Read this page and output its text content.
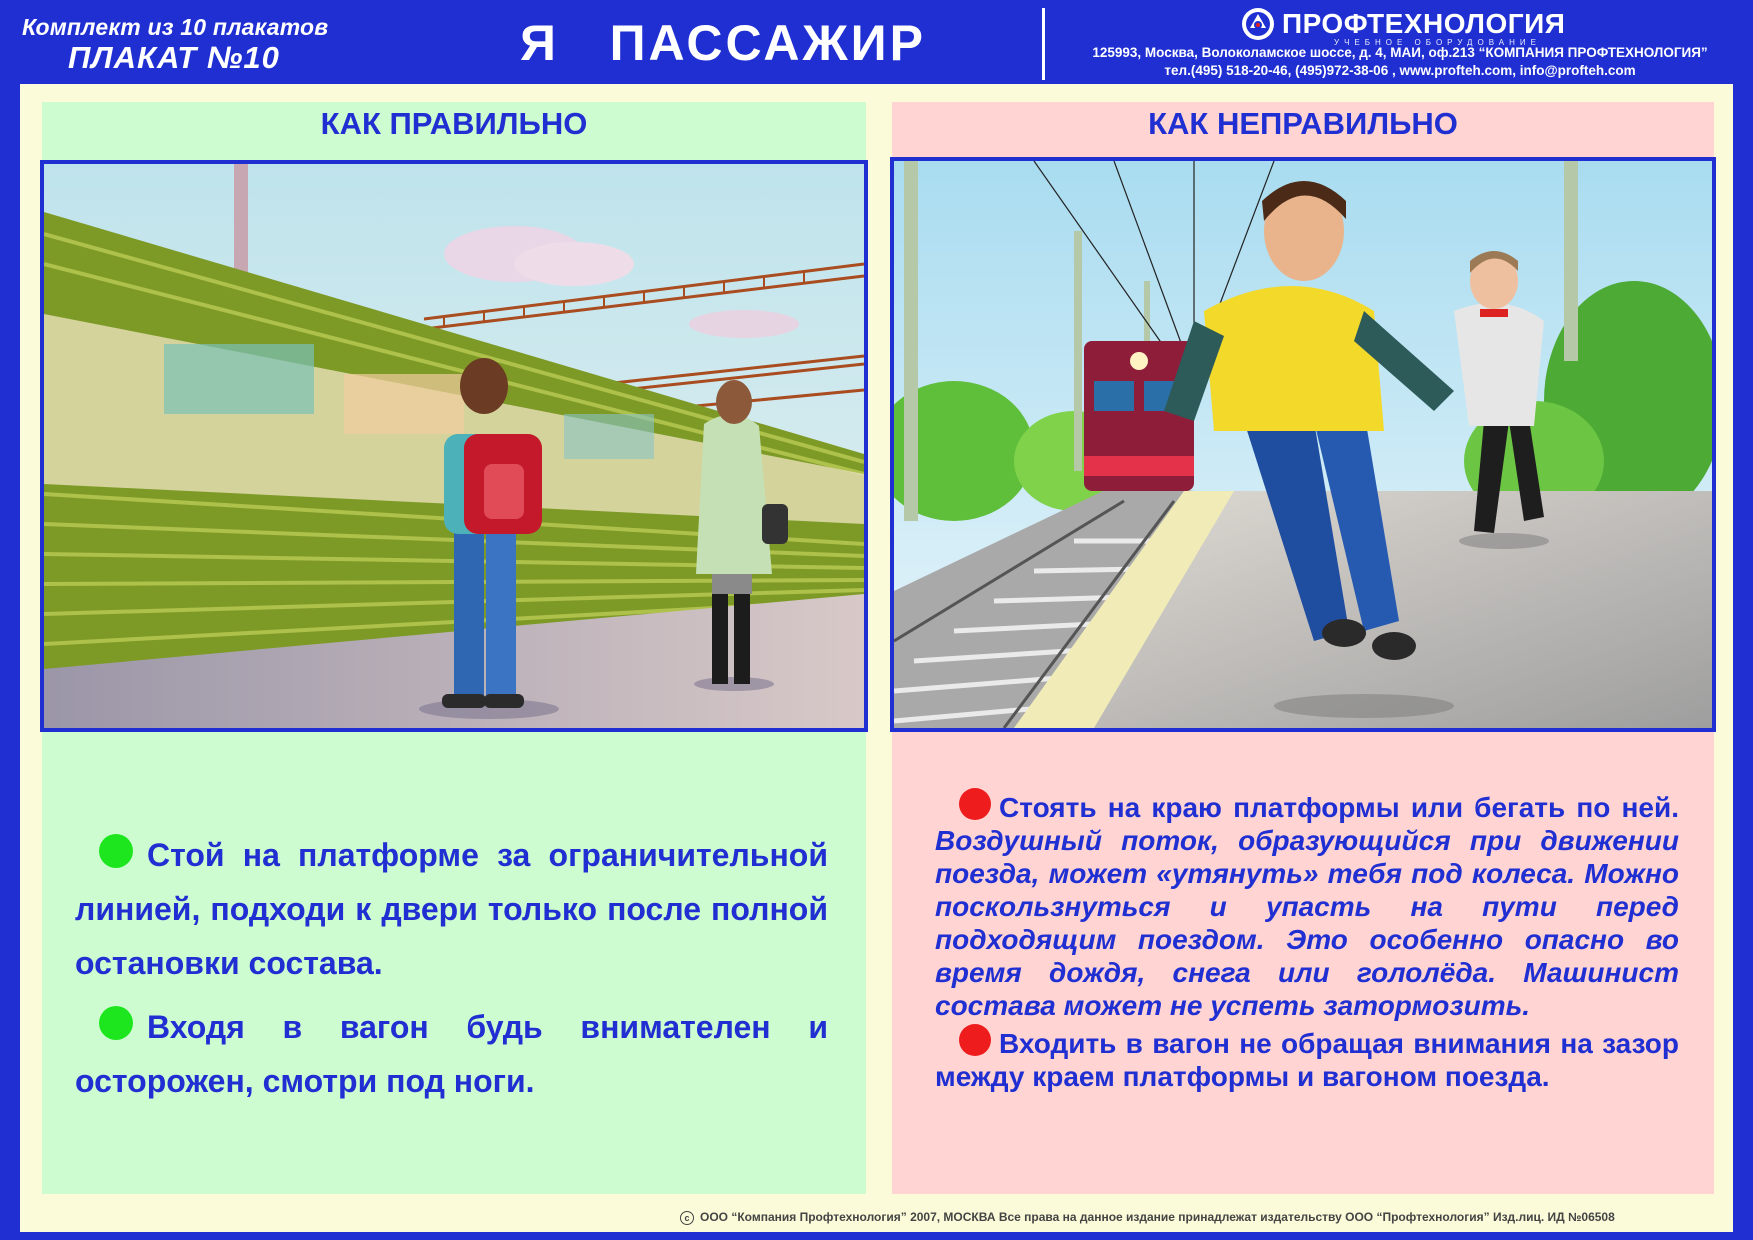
Комплект из 10 плакатов
ПЛАКАТ №10	Я   ПАССАЖИР	ПРОФТЕХНОЛОГИЯ
УЧЕБНОЕ ОБОРУДОВАНИЕ
125993, Москва, Волоколамское шоссе, д. 4, МАИ, оф.213 “КОМПАНИЯ ПРОФТЕХНОЛОГИЯ”
тел.(495) 518-20-46, (495)972-38-06 , www.profteh.com, info@profteh.com
КАК ПРАВИЛЬНО	КАК НЕПРАВИЛЬНО

Стой на платформе за ограничительной линией, подходи к двери только после полной остановки состава.

Входя в вагон будь внимателен и осторожен, смотри под ноги.

Стоять на краю платформы или бегать по ней. Воздушный поток, образующийся при движении поезда, может «утянуть» тебя под колеса. Можно поскользнуться и упасть на пути перед подходящим поездом. Это особенно опасно во время дождя, снега или гололёда. Машинист состава может не успеть затормозить.

Входить в вагон не обращая внимания на зазор между краем платформы и вагоном поезда.

c ООО “Компания Профтехнология” 2007, МОСКВА Все права на данное издание принадлежат издательству ООО “Профтехнология” Изд.лиц. ИД №06508
